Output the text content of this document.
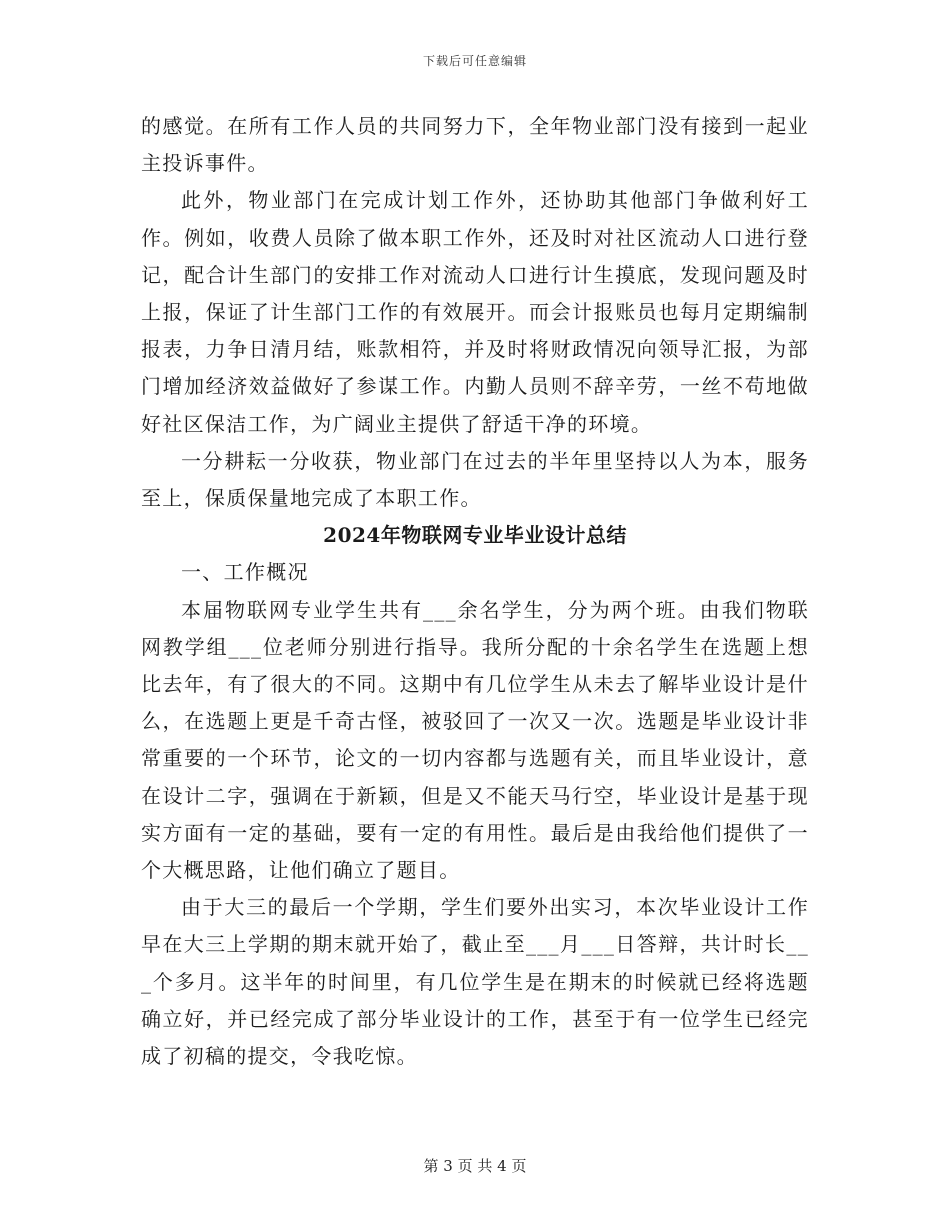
下载后可任意编辑

的感觉。在所有工作人员的共同努力下，全年物业部门没有接到一起业主投诉事件。

此外，物业部门在完成计划工作外，还协助其他部门争做利好工作。例如，收费人员除了做本职工作外，还及时对社区流动人口进行登记，配合计生部门的安排工作对流动人口进行计生摸底，发现问题及时上报，保证了计生部门工作的有效展开。而会计报账员也每月定期编制报表，力争日清月结，账款相符，并及时将财政情况向领导汇报，为部门增加经济效益做好了参谋工作。内勤人员则不辞辛劳，一丝不苟地做好社区保洁工作，为广阔业主提供了舒适干净的环境。

一分耕耘一分收获，物业部门在过去的半年里坚持以人为本，服务至上，保质保量地完成了本职工作。

2024年物联网专业毕业设计总结

一、工作概况

本届物联网专业学生共有___余名学生，分为两个班。由我们物联网教学组___位老师分别进行指导。我所分配的十余名学生在选题上想比去年，有了很大的不同。这期中有几位学生从未去了解毕业设计是什么，在选题上更是千奇古怪，被驳回了一次又一次。选题是毕业设计非常重要的一个环节，论文的一切内容都与选题有关，而且毕业设计，意在设计二字，强调在于新颖，但是又不能天马行空，毕业设计是基于现实方面有一定的基础，要有一定的有用性。最后是由我给他们提供了一个大概思路，让他们确立了题目。

由于大三的最后一个学期，学生们要外出实习，本次毕业设计工作早在大三上学期的期末就开始了，截止至___月___日答辩，共计时长___个多月。这半年的时间里，有几位学生是在期末的时候就已经将选题确立好，并已经完成了部分毕业设计的工作，甚至于有一位学生已经完成了初稿的提交，令我吃惊。

第 3 页 共 4 页
